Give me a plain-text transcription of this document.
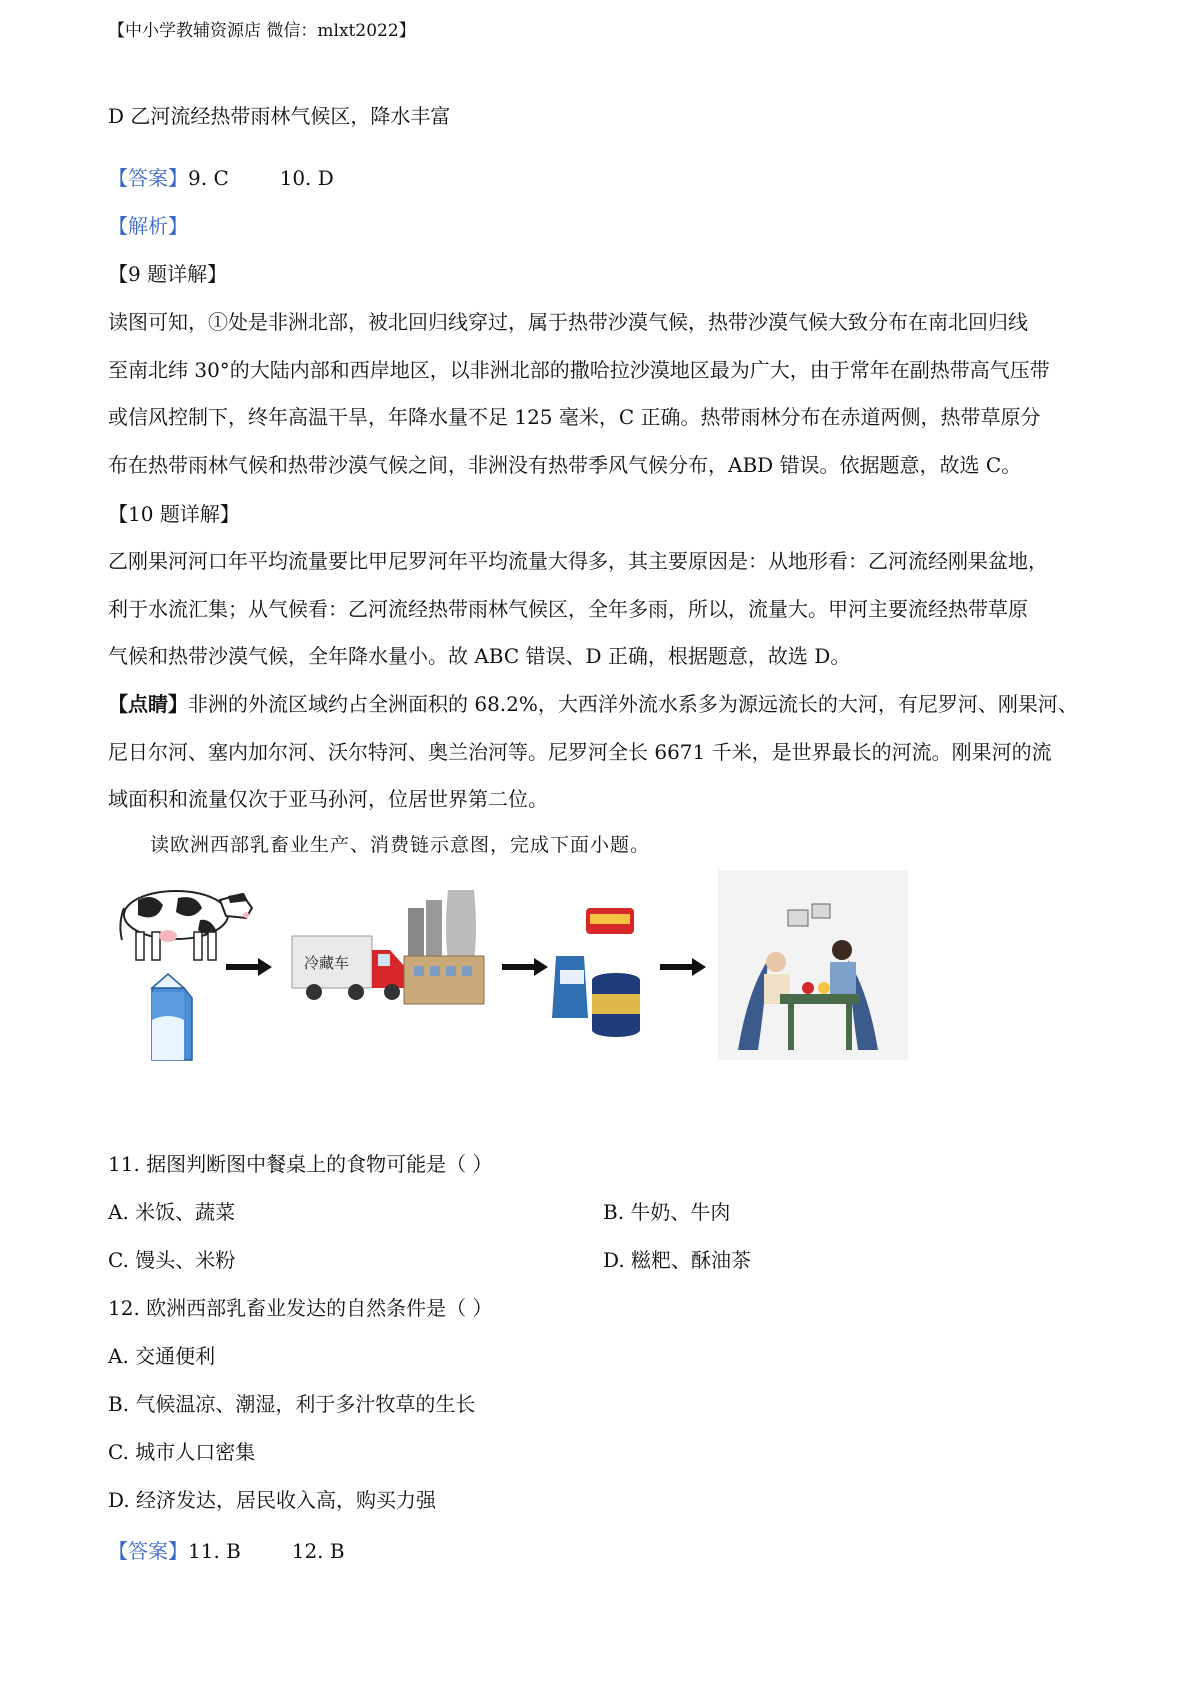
【中小学教辅资源店 微信：mlxt2022】
D 乙河流经热带雨林气候区，降水丰富
【答案】9. C        10. D
【解析】
【9 题详解】
读图可知，①处是非洲北部，被北回归线穿过，属于热带沙漠气候，热带沙漠气候大致分布在南北回归线
至南北纬 30°的大陆内部和西岸地区，以非洲北部的撒哈拉沙漠地区最为广大，由于常年在副热带高气压带
或信风控制下，终年高温干旱，年降水量不足 125 毫米，C 正确。热带雨林分布在赤道两侧，热带草原分
布在热带雨林气候和热带沙漠气候之间，非洲没有热带季风气候分布，ABD 错误。依据题意，故选 C。
【10 题详解】
乙刚果河河口年平均流量要比甲尼罗河年平均流量大得多，其主要原因是：从地形看：乙河流经刚果盆地，
利于水流汇集；从气候看：乙河流经热带雨林气候区，全年多雨，所以，流量大。甲河主要流经热带草原
气候和热带沙漠气候，全年降水量小。故 ABC 错误、D 正确，根据题意，故选 D。
【点睛】非洲的外流区域约占全洲面积的 68.2%，大西洋外流水系多为源远流长的大河，有尼罗河、刚果河、
尼日尔河、塞内加尔河、沃尔特河、奥兰治河等。尼罗河全长 6671 千米，是世界最长的河流。刚果河的流
域面积和流量仅次于亚马孙河，位居世界第二位。
读欧洲西部乳畜业生产、消费链示意图，完成下面小题。
冷藏车
11. 据图判断图中餐桌上的食物可能是（ ）
A. 米饭、蔬菜	B. 牛奶、牛肉
C. 馒头、米粉	D. 糍粑、酥油茶
12. 欧洲西部乳畜业发达的自然条件是（ ）
A. 交通便利
B. 气候温凉、潮湿，利于多汁牧草的生长
C. 城市人口密集
D. 经济发达，居民收入高，购买力强
【答案】11. B        12. B
